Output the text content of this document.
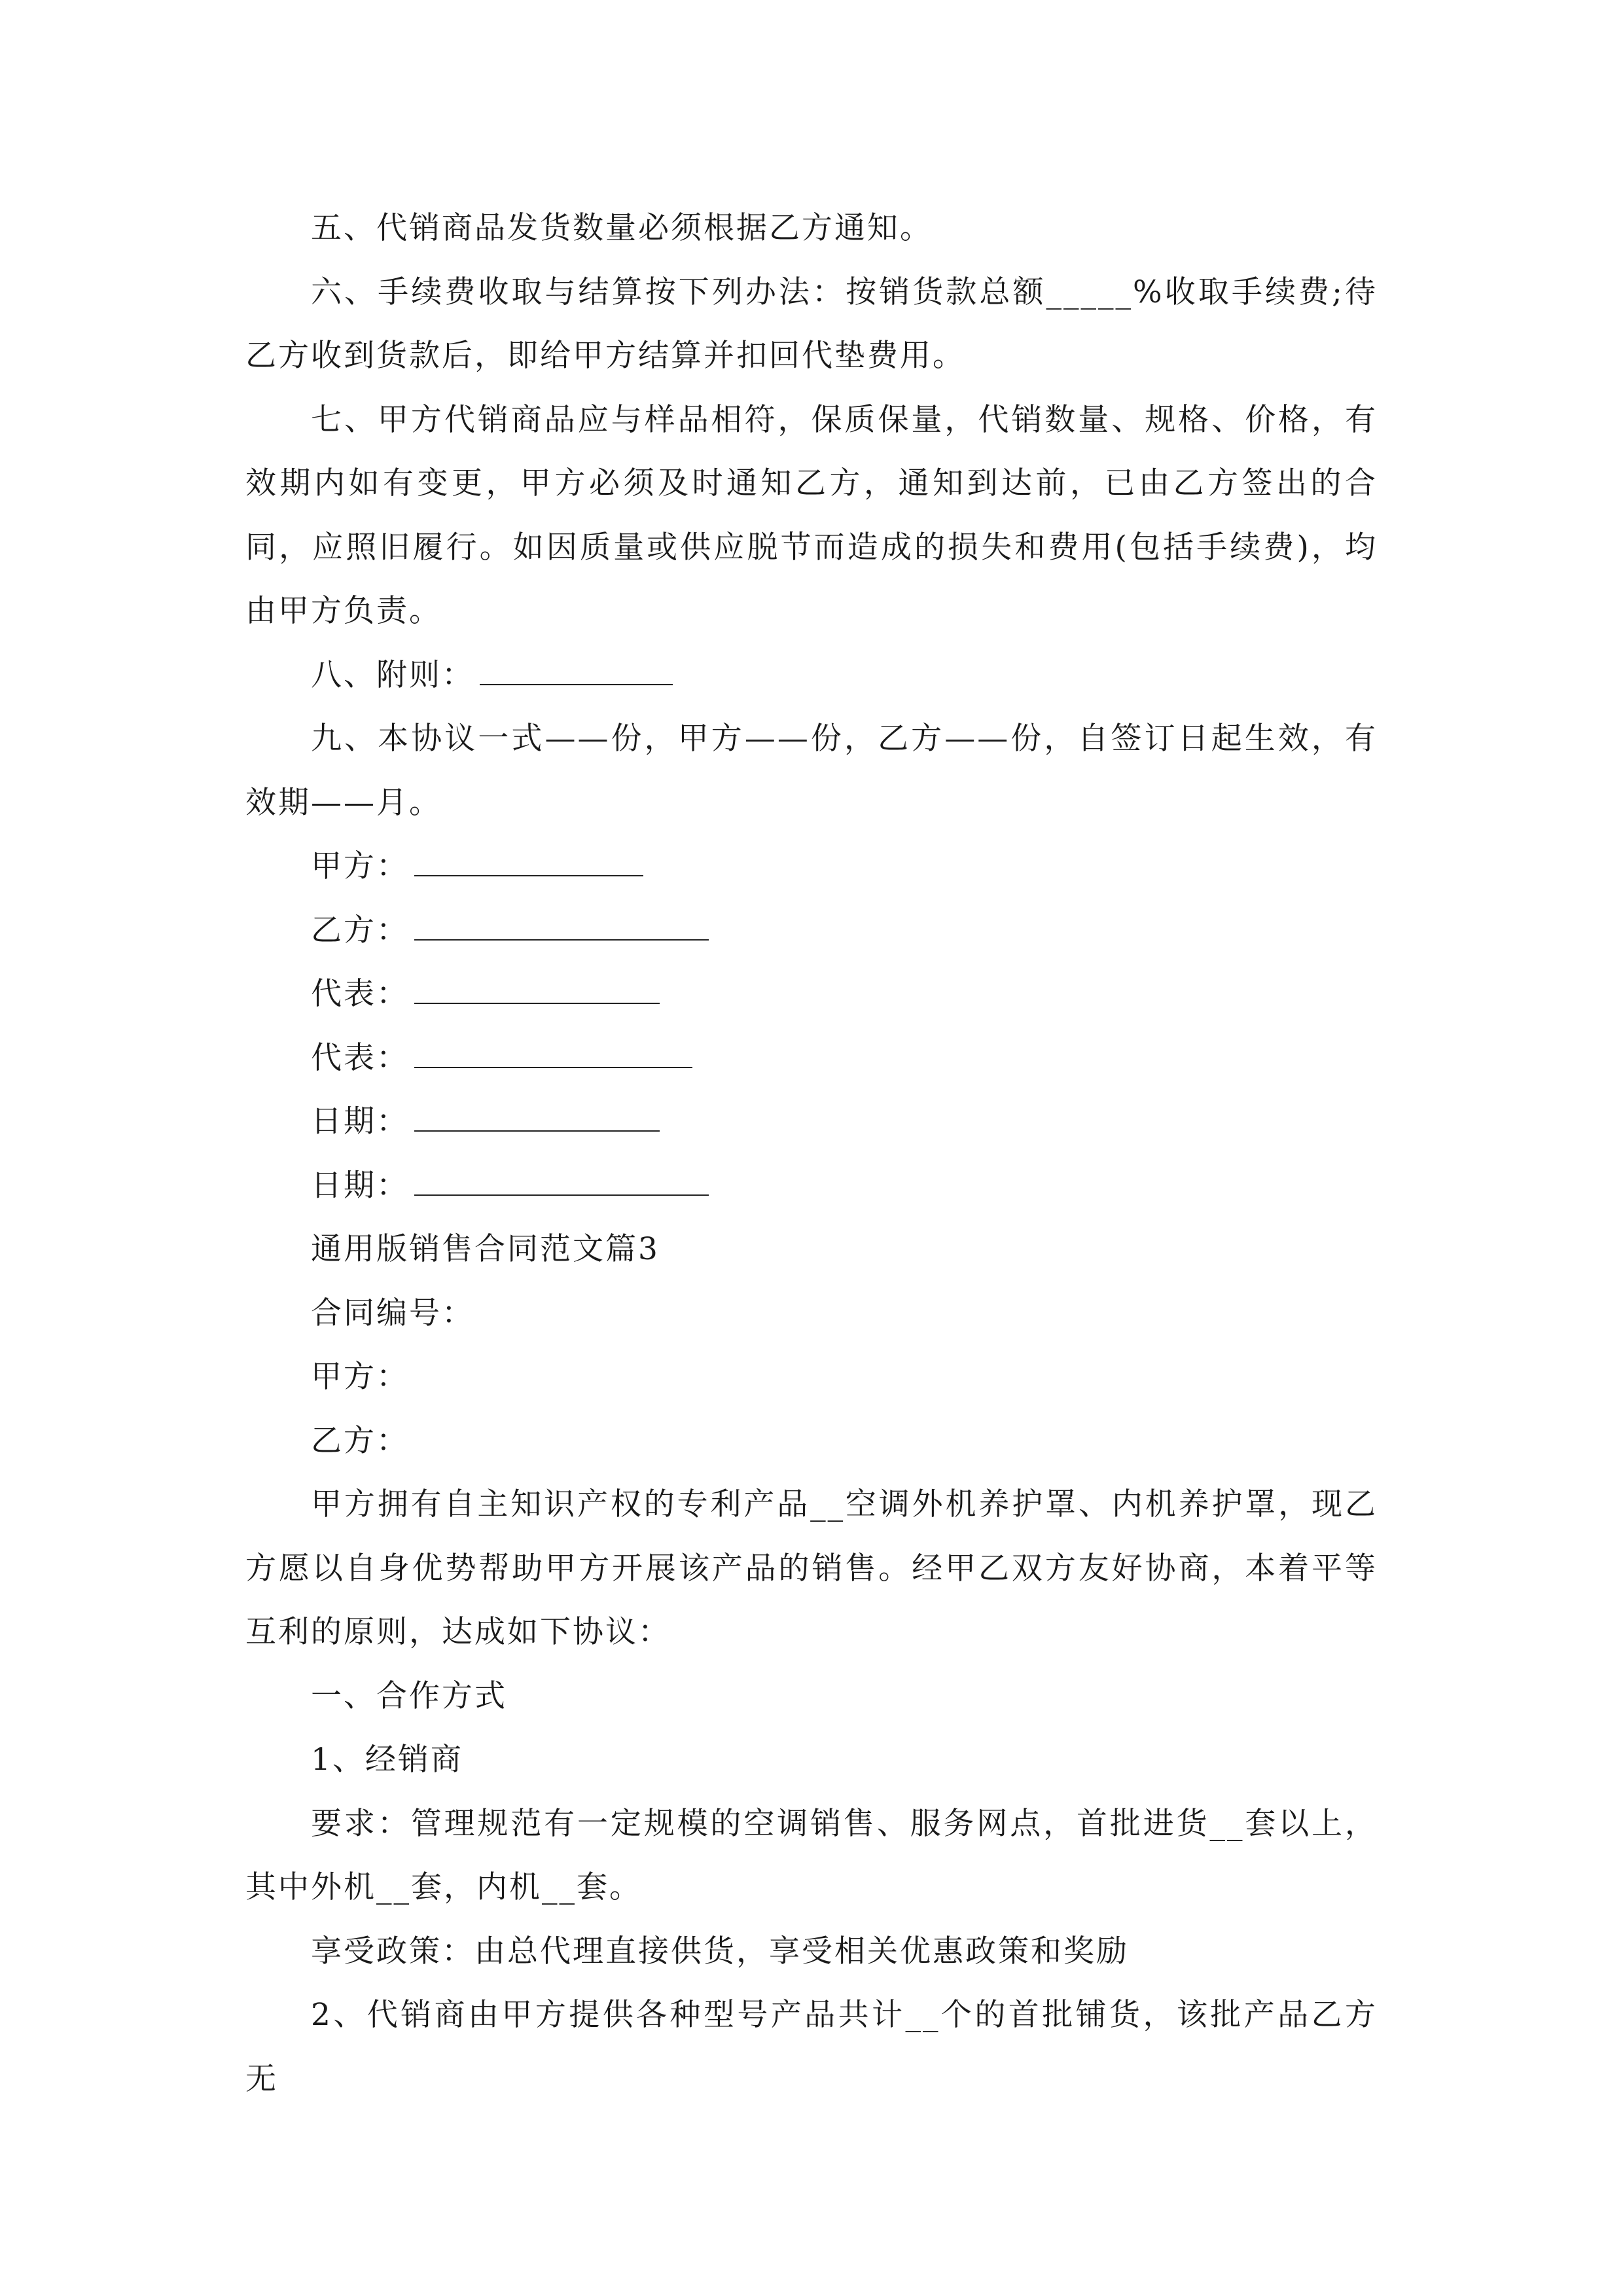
五、代销商品发货数量必须根据乙方通知。

六、手续费收取与结算按下列办法：按销货款总额_____%收取手续费;待乙方收到货款后，即给甲方结算并扣回代垫费用。

七、甲方代销商品应与样品相符，保质保量，代销数量、规格、价格，有效期内如有变更，甲方必须及时通知乙方，通知到达前，已由乙方签出的合同，应照旧履行。如因质量或供应脱节而造成的损失和费用(包括手续费)，均由甲方负责。

八、附则：

九、本协议一式——份，甲方——份，乙方——份，自签订日起生效，有效期——月。

甲方：

乙方：

代表：

代表：

日期：

日期：

通用版销售合同范文篇3

合同编号：

甲方：

乙方：

甲方拥有自主知识产权的专利产品__空调外机养护罩、内机养护罩，现乙方愿以自身优势帮助甲方开展该产品的销售。经甲乙双方友好协商，本着平等互利的原则，达成如下协议：

一、合作方式

1、经销商

要求：管理规范有一定规模的空调销售、服务网点，首批进货__套以上，其中外机__套，内机__套。

享受政策：由总代理直接供货，享受相关优惠政策和奖励

2、代销商由甲方提供各种型号产品共计__个的首批铺货，该批产品乙方无
